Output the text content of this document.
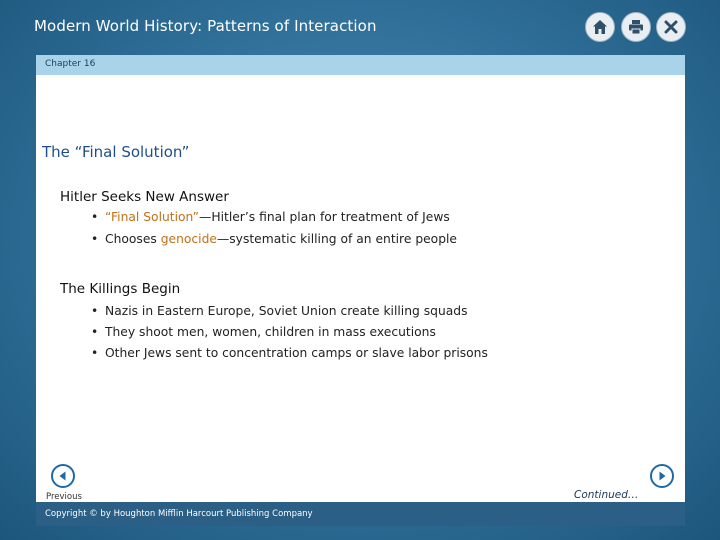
Modern World History: Patterns of Interaction
Chapter 16
The “Final Solution”
Hitler Seeks New Answer
• “Final Solution”—Hitler’s final plan for treatment of Jews
• Chooses genocide—systematic killing of an entire people
The Killings Begin
• Nazis in Eastern Europe, Soviet Union create killing squads
• They shoot men, women, children in mass executions
• Other Jews sent to concentration camps or slave labor prisons
Previous	Continued… Next
Copyright © by Houghton Mifflin Harcourt Publishing Company
